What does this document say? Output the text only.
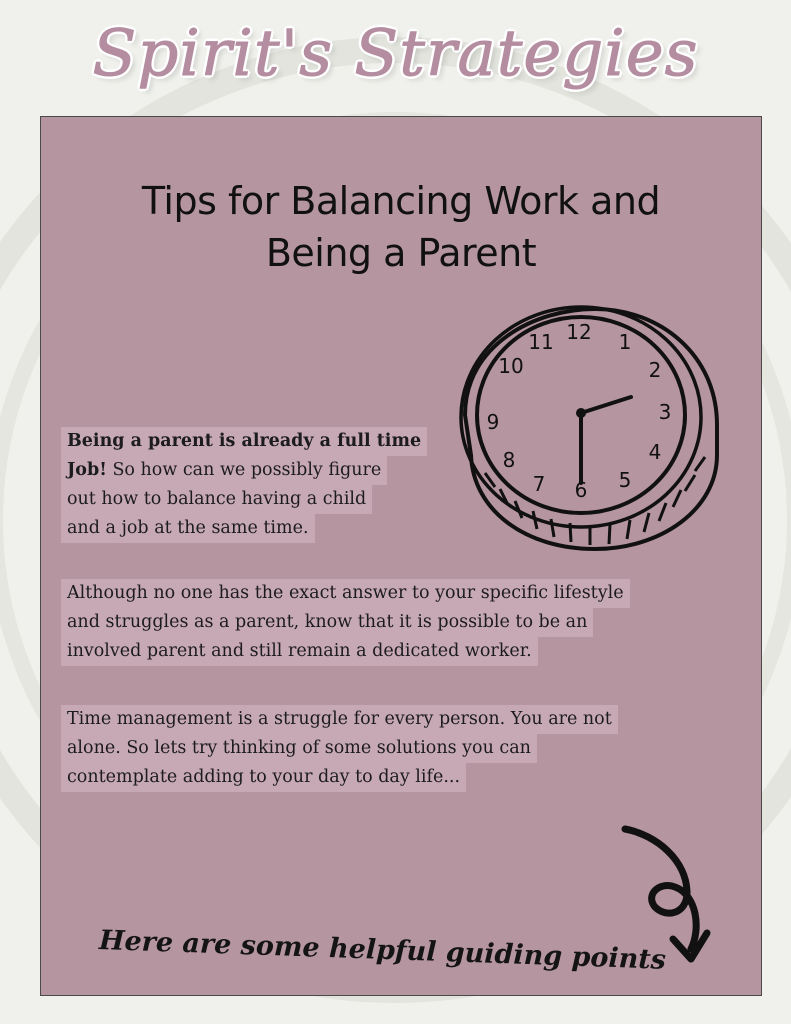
Spirit's Strategies
Tips for Balancing Work and
Being a Parent
12 1
2
3
4
5
6
7
8
9
10
11
Being a parent is already a full time
Job! So how can we possibly figure
out how to balance having a child
and a job at the same time.
Although no one has the exact answer to your specific lifestyle
and struggles as a parent, know that it is possible to be an
involved parent and still remain a dedicated worker.
Time management is a struggle for every person. You are not
alone. So lets try thinking of some solutions you can
contemplate adding to your day to day life...
Here are some helpful guiding points
